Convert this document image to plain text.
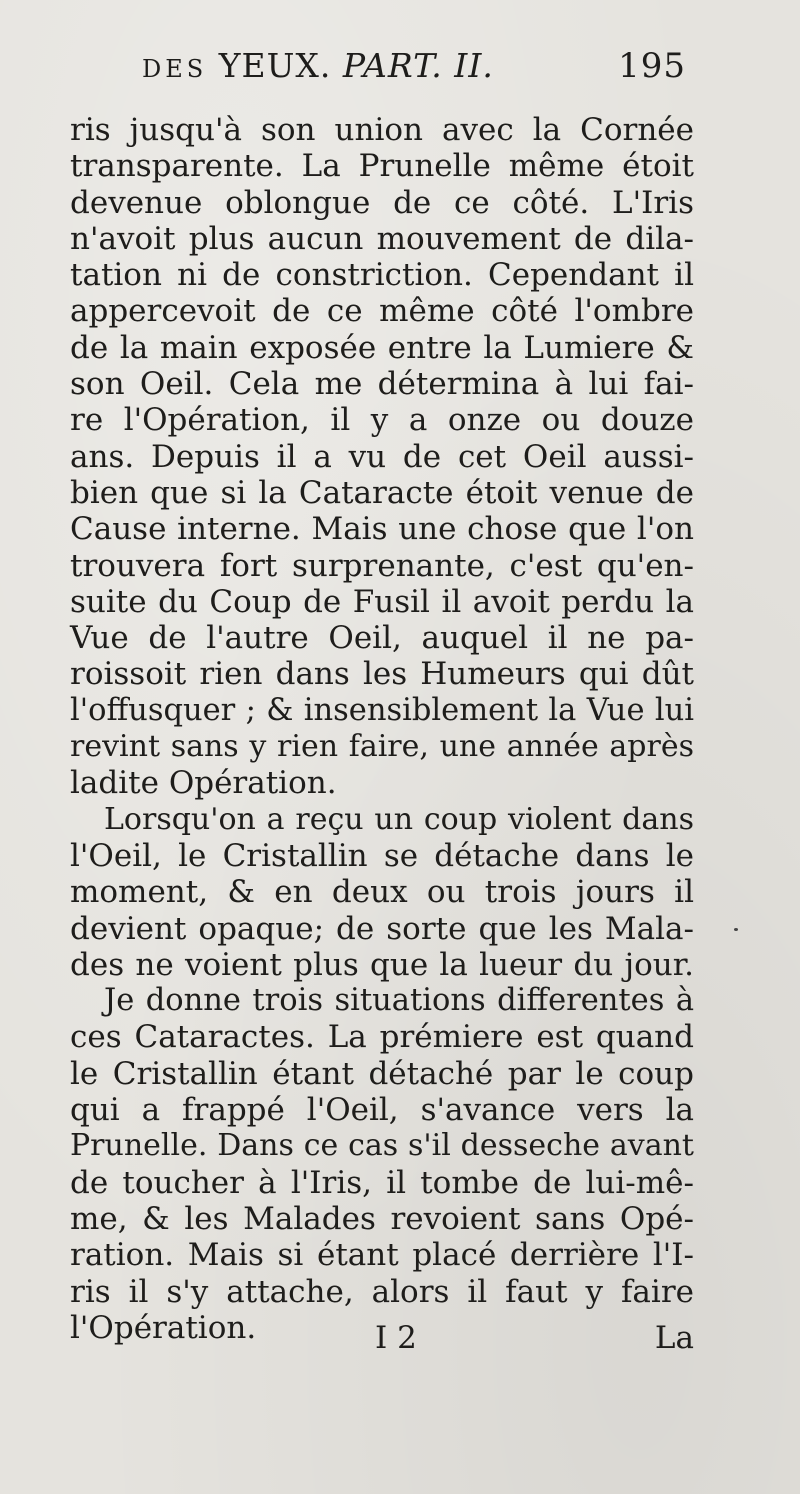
DES YEUX. PART. II.	195
ris jusqu'à son union avec la Cornée
transparente. La Prunelle même étoit
devenue oblongue de ce côté. L'Iris
n'avoit plus aucun mouvement de dila-
tation ni de constriction. Cependant il
appercevoit de ce même côté l'ombre
de la main exposée entre la Lumiere &
son Oeil. Cela me détermina à lui fai-
re l'Opération, il y a onze ou douze
ans. Depuis il a vu de cet Oeil aussi-
bien que si la Cataracte étoit venue de
Cause interne. Mais une chose que l'on
trouvera fort surprenante, c'est qu'en-
suite du Coup de Fusil il avoit perdu la
Vue de l'autre Oeil, auquel il ne pa-
roissoit rien dans les Humeurs qui dût
l'offusquer ; & insensiblement la Vue lui
revint sans y rien faire, une année après
ladite Opération.
Lorsqu'on a reçu un coup violent dans
l'Oeil, le Cristallin se détache dans le
moment, & en deux ou trois jours il
devient opaque; de sorte que les Mala-
des ne voient plus que la lueur du jour.
Je donne trois situations differentes à
ces Cataractes. La prémiere est quand
le Cristallin étant détaché par le coup
qui a frappé l'Oeil, s'avance vers la
Prunelle. Dans ce cas s'il desseche avant
de toucher à l'Iris, il tombe de lui-mê-
me, & les Malades revoient sans Opé-
ration. Mais si étant placé derrière l'I-
ris il s'y attache, alors il faut y faire
l'Opération.	I 2	La
